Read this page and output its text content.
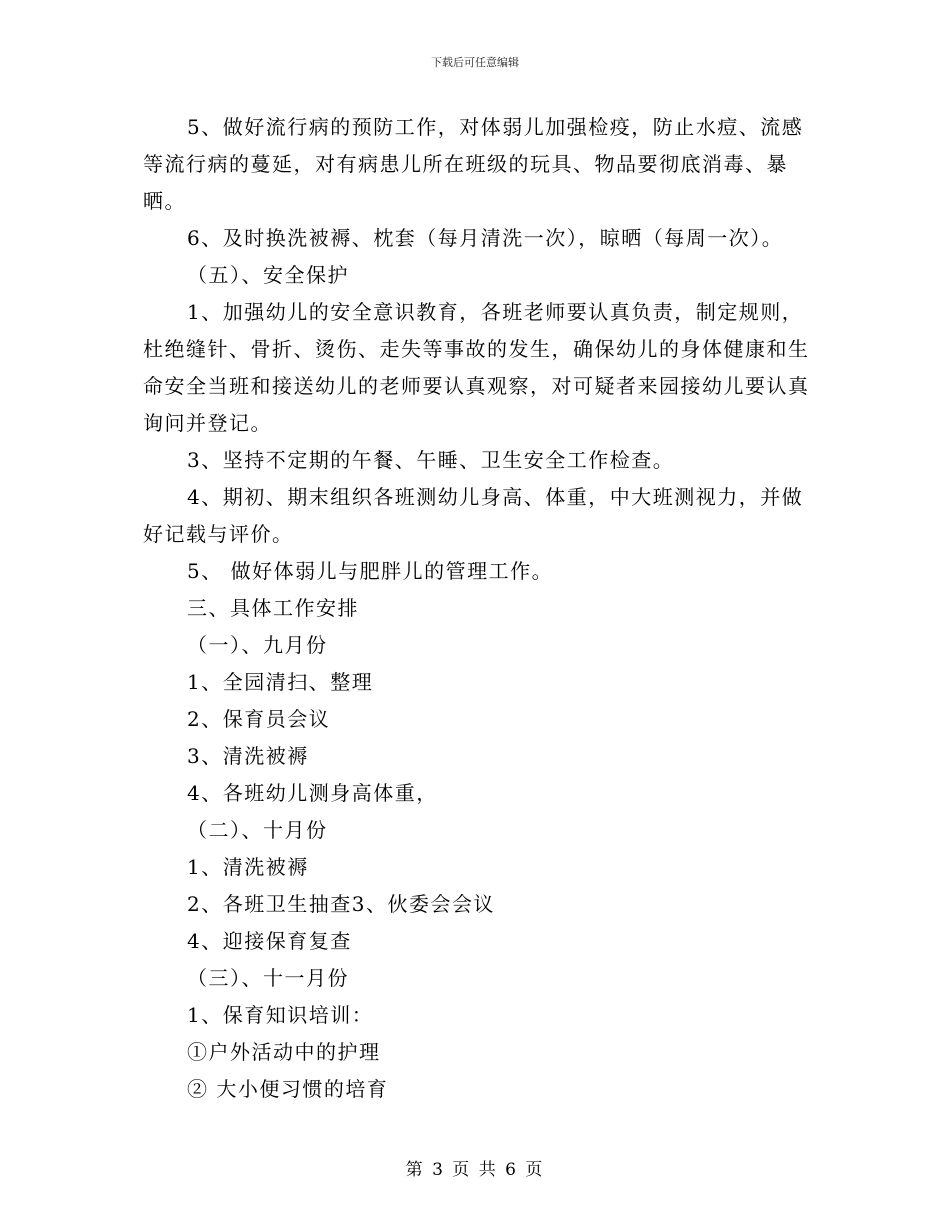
下载后可任意编辑

5、做好流行病的预防工作，对体弱儿加强检疫，防止水痘、流感等流行病的蔓延，对有病患儿所在班级的玩具、物品要彻底消毒、暴晒。

6、及时换洗被褥、枕套（每月清洗一次），晾晒（每周一次）。

（五）、安全保护

1、加强幼儿的安全意识教育，各班老师要认真负责，制定规则，杜绝缝针、骨折、烫伤、走失等事故的发生，确保幼儿的身体健康和生命安全当班和接送幼儿的老师要认真观察，对可疑者来园接幼儿要认真询问并登记。

3、坚持不定期的午餐、午睡、卫生安全工作检查。

4、期初、期末组织各班测幼儿身高、体重，中大班测视力，并做好记载与评价。

5、 做好体弱儿与肥胖儿的管理工作。

三、具体工作安排

（一）、九月份

1、全园清扫、整理

2、保育员会议

3、清洗被褥

4、各班幼儿测身高体重，

（二）、十月份

1、清洗被褥

2、各班卫生抽查3、伙委会会议

4、迎接保育复查

（三）、十一月份

1、保育知识培训：

①户外活动中的护理

② 大小便习惯的培育

第 3 页 共 6 页
